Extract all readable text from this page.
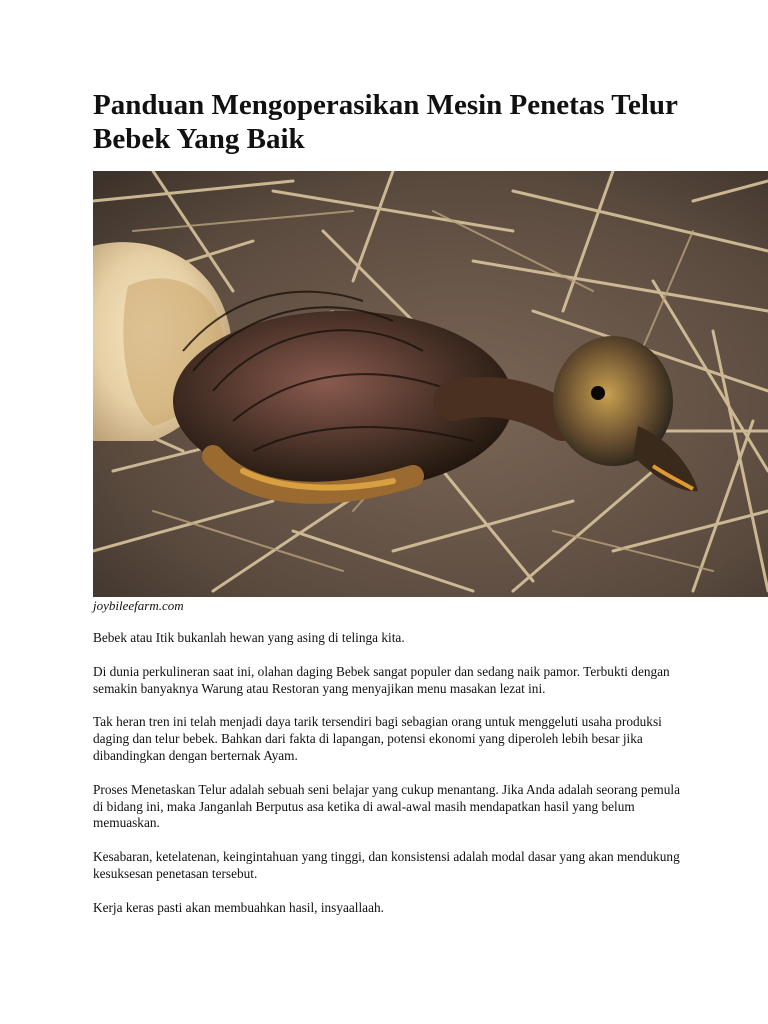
Panduan Mengoperasikan Mesin Penetas Telur Bebek Yang Baik
joybileefarm.com

Bebek atau Itik bukanlah hewan yang asing di telinga kita.

Di dunia perkulineran saat ini, olahan daging Bebek sangat populer dan sedang naik pamor. Terbukti dengan semakin banyaknya Warung atau Restoran yang menyajikan menu masakan lezat ini.

Tak heran tren ini telah menjadi daya tarik tersendiri bagi sebagian orang untuk menggeluti usaha produksi daging dan telur bebek. Bahkan dari fakta di lapangan, potensi ekonomi yang diperoleh lebih besar jika dibandingkan dengan berternak Ayam.

Proses Menetaskan Telur adalah sebuah seni belajar yang cukup menantang. Jika Anda adalah seorang pemula di bidang ini, maka Janganlah Berputus asa ketika di awal-awal masih mendapatkan hasil yang belum memuaskan.

Kesabaran, ketelatenan, keingintahuan yang tinggi, dan konsistensi adalah modal dasar yang akan mendukung kesuksesan penetasan tersebut.

Kerja keras pasti akan membuahkan hasil, insyaallaah.
